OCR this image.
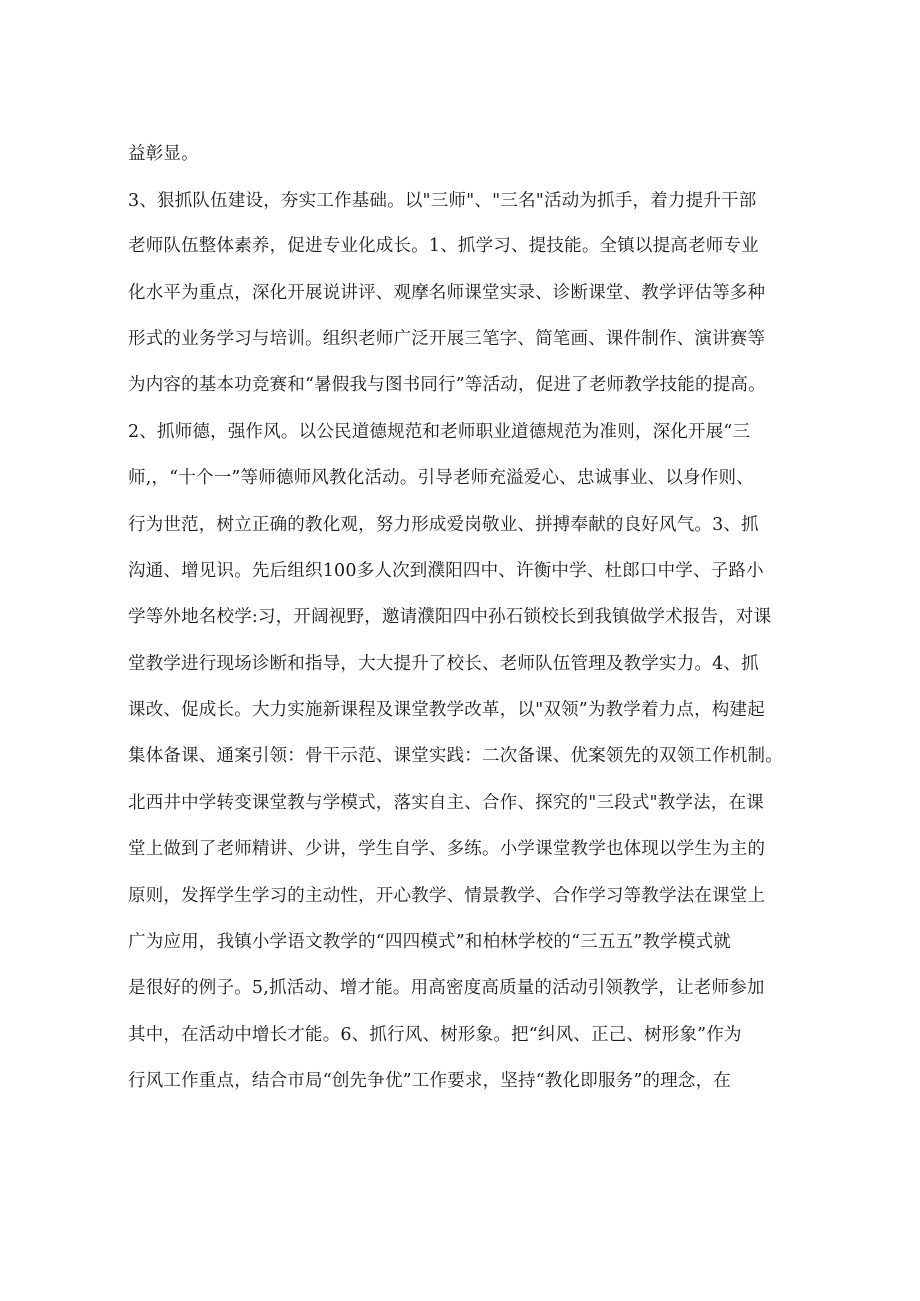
益彰显。
3、狠抓队伍建设，夯实工作基础。以"三师"、"三名"活动为抓手，着力提升干部
老师队伍整体素养，促进专业化成长。1、抓学习、提技能。全镇以提高老师专业
化水平为重点，深化开展说讲评、观摩名师课堂实录、诊断课堂、教学评估等多种
形式的业务学习与培训。组织老师广泛开展三笔字、简笔画、课件制作、演讲赛等
为内容的基本功竞赛和“暑假我与图书同行”等活动，促进了老师教学技能的提高。
2、抓师德，强作风。以公民道德规范和老师职业道德规范为准则，深化开展“三
师,，“十个一”等师德师风教化活动。引导老师充溢爱心、忠诚事业、以身作则、
行为世范，树立正确的教化观，努力形成爱岗敬业、拼搏奉献的良好风气。3、抓
沟通、增见识。先后组织100多人次到濮阳四中、许衡中学、杜郎口中学、子路小
学等外地名校学:习，开阔视野，邀请濮阳四中孙石锁校长到我镇做学术报告，对课
堂教学进行现场诊断和指导，大大提升了校长、老师队伍管理及教学实力。4、抓
课改、促成长。大力实施新课程及课堂教学改革，以"双领”为教学着力点，构建起
集体备课、通案引领：骨干示范、课堂实践：二次备课、优案领先的双领工作机制。
北西井中学转变课堂教与学模式，落实自主、合作、探究的"三段式"教学法，在课
堂上做到了老师精讲、少讲，学生自学、多练。小学课堂教学也体现以学生为主的
原则，发挥学生学习的主动性，开心教学、情景教学、合作学习等教学法在课堂上
广为应用，我镇小学语文教学的“四四模式”和柏林学校的“三五五”教学模式就
是很好的例子。5,抓活动、增才能。用高密度高质量的活动引领教学，让老师参加
其中，在活动中增长才能。6、抓行风、树形象。把“纠风、正己、树形象”作为
行风工作重点，结合市局“创先争优”工作要求，坚持“教化即服务”的理念，在
